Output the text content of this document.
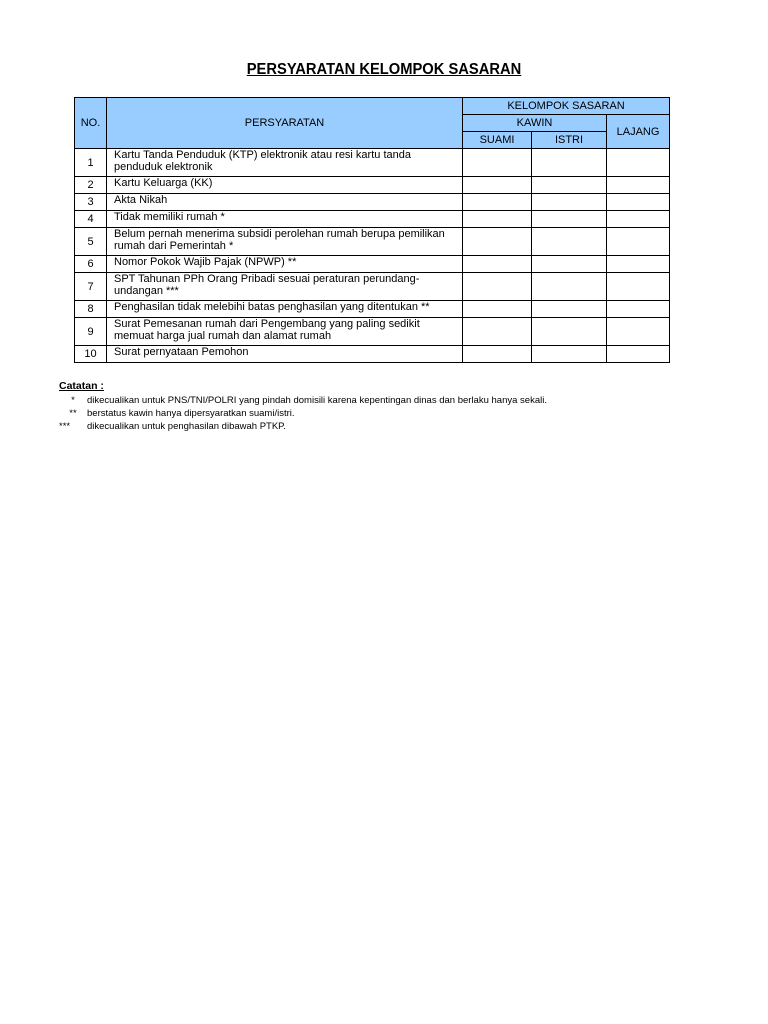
PERSYARATAN KELOMPOK SASARAN
NO.	PERSYARATAN	KELOMPOK SASARAN		
		KAWIN		LAJANG
		SUAMI	ISTRI	
1	Kartu Tanda Penduduk (KTP) elektronik atau resi kartu tanda penduduk elektronik			
2	Kartu Keluarga (KK)			
3	Akta Nikah			
4	Tidak memiliki rumah *			
5	Belum pernah menerima subsidi perolehan rumah berupa pemilikan rumah dari Pemerintah *			
6	Nomor Pokok Wajib Pajak (NPWP) **			
7	SPT Tahunan PPh Orang Pribadi sesuai peraturan perundang-undangan ***			
8	Penghasilan tidak melebihi batas penghasilan yang ditentukan **			
9	Surat Pemesanan rumah dari Pengembang yang paling sedikit memuat harga jual rumah dan alamat rumah			
10	Surat pernyataan Pemohon			
Catatan :
*	dikecualikan untuk PNS/TNI/POLRI yang pindah domisili karena kepentingan dinas dan berlaku hanya sekali.
**	berstatus kawin hanya dipersyaratkan suami/istri.
***	dikecualikan untuk penghasilan dibawah PTKP.
